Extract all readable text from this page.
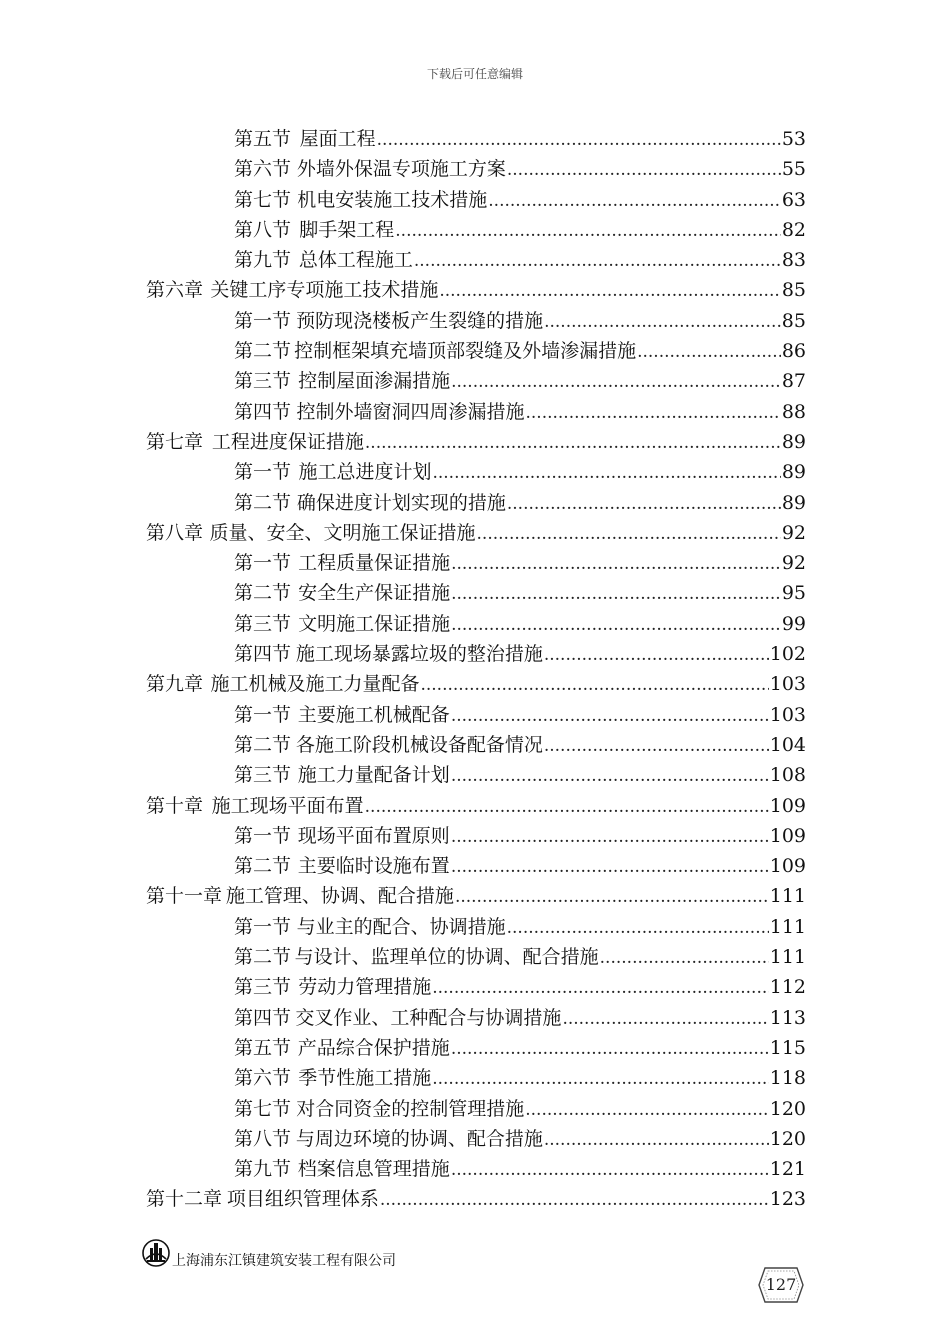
下载后可任意编辑
第五节 屋面工程 .....	53
第六节 外墙外保温专项施工方案 .....	55
第七节 机电安装施工技术措施 .....	63
第八节 脚手架工程 .....	82
第九节 总体工程施工 .....	83
第六章 关键工序专项施工技术措施 .....	85
第一节 预防现浇楼板产生裂缝的措施 .....	85
第二节 控制框架填充墙顶部裂缝及外墙渗漏措施 .....	86
第三节 控制屋面渗漏措施 .....	87
第四节 控制外墙窗洞四周渗漏措施 .....	88
第七章 工程进度保证措施 .....	89
第一节 施工总进度计划 .....	89
第二节 确保进度计划实现的措施 .....	89
第八章 质量、安全、文明施工保证措施 .....	92
第一节 工程质量保证措施 .....	92
第二节 安全生产保证措施 .....	95
第三节 文明施工保证措施 .....	99
第四节 施工现场暴露垃圾的整治措施 .....	102
第九章 施工机械及施工力量配备 .....	103
第一节 主要施工机械配备 .....	103
第二节 各施工阶段机械设备配备情况 .....	104
第三节 施工力量配备计划 .....	108
第十章 施工现场平面布置 .....	109
第一节 现场平面布置原则 .....	109
第二节 主要临时设施布置 .....	109
第十一章 施工管理、协调、配合措施 .....	111
第一节 与业主的配合、协调措施 .....	111
第二节 与设计、监理单位的协调、配合措施 .....	111
第三节 劳动力管理措施 .....	112
第四节 交叉作业、工种配合与协调措施 .....	113
第五节 产品综合保护措施 .....	115
第六节 季节性施工措施 .....	118
第七节 对合同资金的控制管理措施 .....	120
第八节 与周边环境的协调、配合措施 .....	120
第九节 档案信息管理措施 .....	121
第十二章 项目组织管理体系 .....	123
上海浦东江镇建筑安装工程有限公司
127
